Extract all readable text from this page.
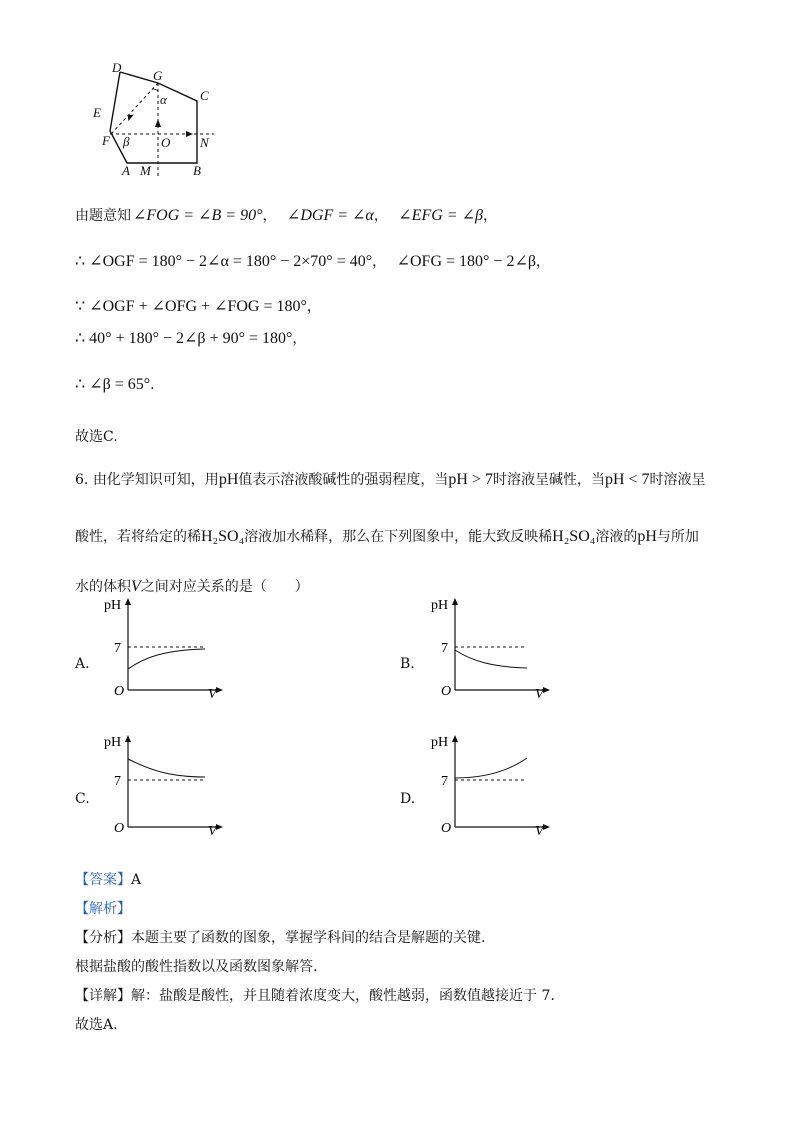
D
G
C
α
E
F β O N
A M	B
由题意知 ∠FOG = ∠B = 90°， ∠DGF = ∠α， ∠EFG = ∠β，
∴ ∠OGF = 180° − 2∠α = 180° − 2×70° = 40°， ∠OFG = 180° − 2∠β，
∵ ∠OGF + ∠OFG + ∠FOG = 180°，
∴ 40° + 180° − 2∠β + 90° = 180°，
∴ ∠β = 65°.
故选C.
6. 由化学知识可知，用pH值表示溶液酸碱性的强弱程度，当pH > 7时溶液呈碱性，当pH < 7时溶液呈
酸性，若将给定的稀H₂SO₄溶液加水稀释，那么在下列图象中，能大致反映稀H₂SO₄溶液的pH与所加
水的体积V之间对应关系的是（　　）
A.
pH
7
O	V
B.
pH
7
O	V
C.
pH
7
O	V
D.
pH
7
O	V
【答案】A
【解析】
【分析】本题主要了函数的图象，掌握学科间的结合是解题的关键.
根据盐酸的酸性指数以及函数图象解答.
【详解】解：盐酸是酸性，并且随着浓度变大，酸性越弱，函数值越接近于 7.
故选A.
